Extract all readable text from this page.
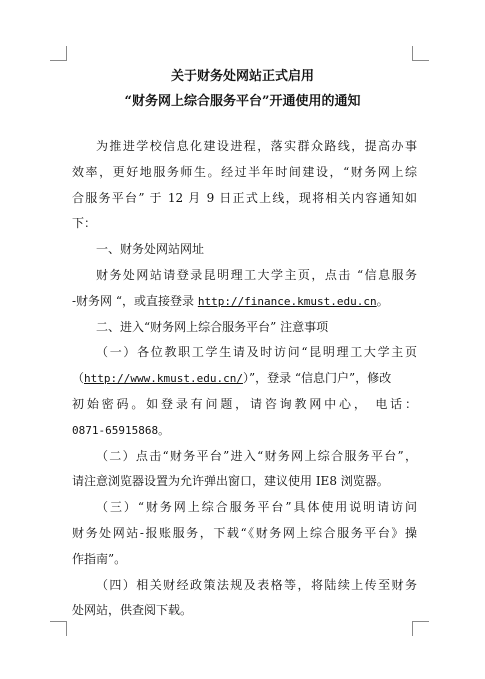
关于财务处网站正式启用
“财务网上综合服务平台”开通使用的通知
为推进学校信息化建设进程，落实群众路线，提高办事
效率，更好地服务师生。经过半年时间建设，“财务网上综
合服务平台” 于 12 月 9 日正式上线，现将相关内容通知如
下：
一、财务处网站网址
财务处网站请登录昆明理工大学主页，点击 “信息服务
-财务网 “，或直接登录 http://finance.kmust.edu.cn。
二、进入“财务网上综合服务平台” 注意事项
（一）各位教职工学生请及时访问“昆明理工大学主页
（http://www.kmust.edu.cn/）”，登录 “信息门户”，修改
初始密码。如登录有问题，请咨询教网中心， 电话：
0871-65915868。
（二）点击“财务平台”进入“财务网上综合服务平台”，
请注意浏览器设置为允许弹出窗口，建议使用 IE8 浏览器。
（三）“财务网上综合服务平台”具体使用说明请访问
财务处网站-报账服务，下载“《财务网上综合服务平台》操
作指南”。
（四）相关财经政策法规及表格等，将陆续上传至财务
处网站，供查阅下载。
